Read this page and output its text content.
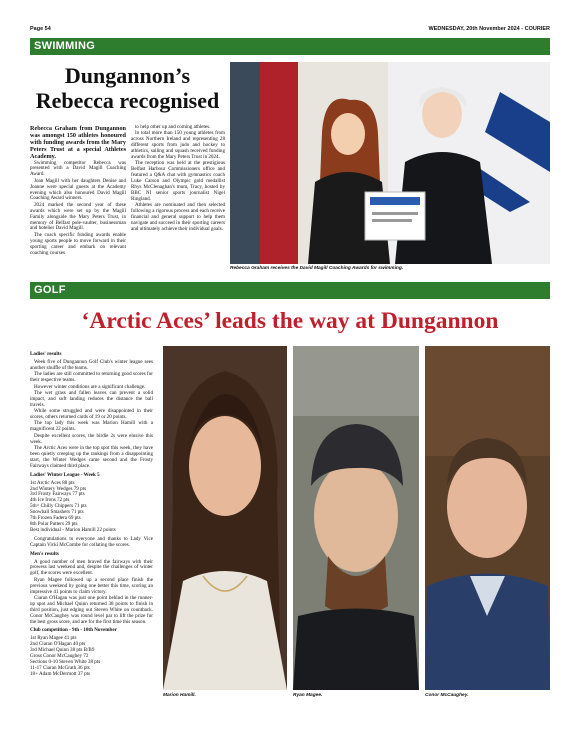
Page 54	WEDNESDAY, 20th November 2024 - COURIER
SWIMMING
Dungannon’s
Rebecca recognised

Rebecca Graham from Dungannon was amongst 150 athletes honoured with funding awards from the Mary Peters Trust at a special Athletes Academy.

Swimming competitor Rebecca was presented with a David Magill Coaching Award.

Joan Magill with her daughters Denise and Joanne were special guests at the Academy evening which also honoured David Magill Coaching Award winners.

2024 marked the second year of these awards which were set up by the Magill Family alongside the Mary Peters Trust, in memory of Belfast pole-vaulter, businessman and hotelier David Magill.

The coach specific funding awards enable young sports people to move forward in their sporting career and embark on relevant coaching courses

to help other up and coming athletes.

In total more than 150 young athletes from across Northern Ireland and representing 28 different sports from judo and hockey to athletics, sailing and squash received funding awards from the Mary Peters Trust in 2024.

The reception was held at the prestigious Belfast Harbour Commissioners office and featured a Q&A chat with gymnastics coach Luke Carson and Olympic gold medallist Rhys McClenaghan's mum, Tracy, hosted by BBC NI senior sports journalist Nigel Ringland.

Athletes are nominated and then selected following a rigorous process and each receive financial and general support to help them navigate and succeed in their sporting careers and ultimately achieve their individual goals.

Rebecca Graham receives the David Magill Coaching Awards for swimming.
GOLF
‘Arctic Aces’ leads the way at Dungannon

Ladies' results

Week five of Dungannon Golf Club's winter league sees another shuffle of the teams.

The ladies are still committed to returning good scores for their respective teams.

However winter conditions are a significant challenge.

The wet grass and fallen leaves can prevent a solid impact, and soft landing reduces the distance the ball travels.

While some struggled and were disappointed in their scores, others returned cards of 19 or 20 points.

The top lady this week was Marion Hamill with a magnificent 22 points.

Despite excellent scores, the birdie 2s were elusive this week.

The Arctic Aces were in the top spot this week, they have been quietly creeping up the rankings from a disappointing start, the Winter Wedges came second and the Frosty Fairways claimed third place.

Ladies' Winter League - Week 5

1st Arctic Aces 88 pts

2nd Wintery Wedges 79 pts

3rd Frosty Fairways 77 pts

4th Ice Irons 72 pts

5th= Chilly Chippers 71 pts

Snowball Smashers 71 pts

7th Frozen Fadera 69 pts

8th Polar Putters 29 pts

Best individual - Marion Hamill 22 points

Congratulations to everyone and thanks to Lady Vice Captain Vicki McCombe for collating the scores.

Men's results

A good number of men braved the fairways with their prowess last weekend and, despite the challenges of winter golf, the scores were excellent.

Ryan Magee followed up a second place finish the previous weekend by going one better this time, scoring an impressive 41 points to claim victory.

Ciaran O'Hagan was just one point behind in the runner-up spot and Michael Quinn returned 38 points to finish in third position, just edging out Steven White on countback. Conor McCaughey was round level par to lift the prize for the best gross score, and are for the first time this season.

Club competition - 9th - 10th November

1st Ryan Magee 41 pts

2nd Ciaran O'Hagan 40 pts

3rd Michael Quinn 38 pts B/B9

Gross Conor McCaughey 72

Sections 0-10 Steven White 38 pts

11-17 Ciaran McGrath 36 pts

18+ Adam McDermott 37 pts

Marion Hamill.	Ryan Magee.	Conor McCaughey.
